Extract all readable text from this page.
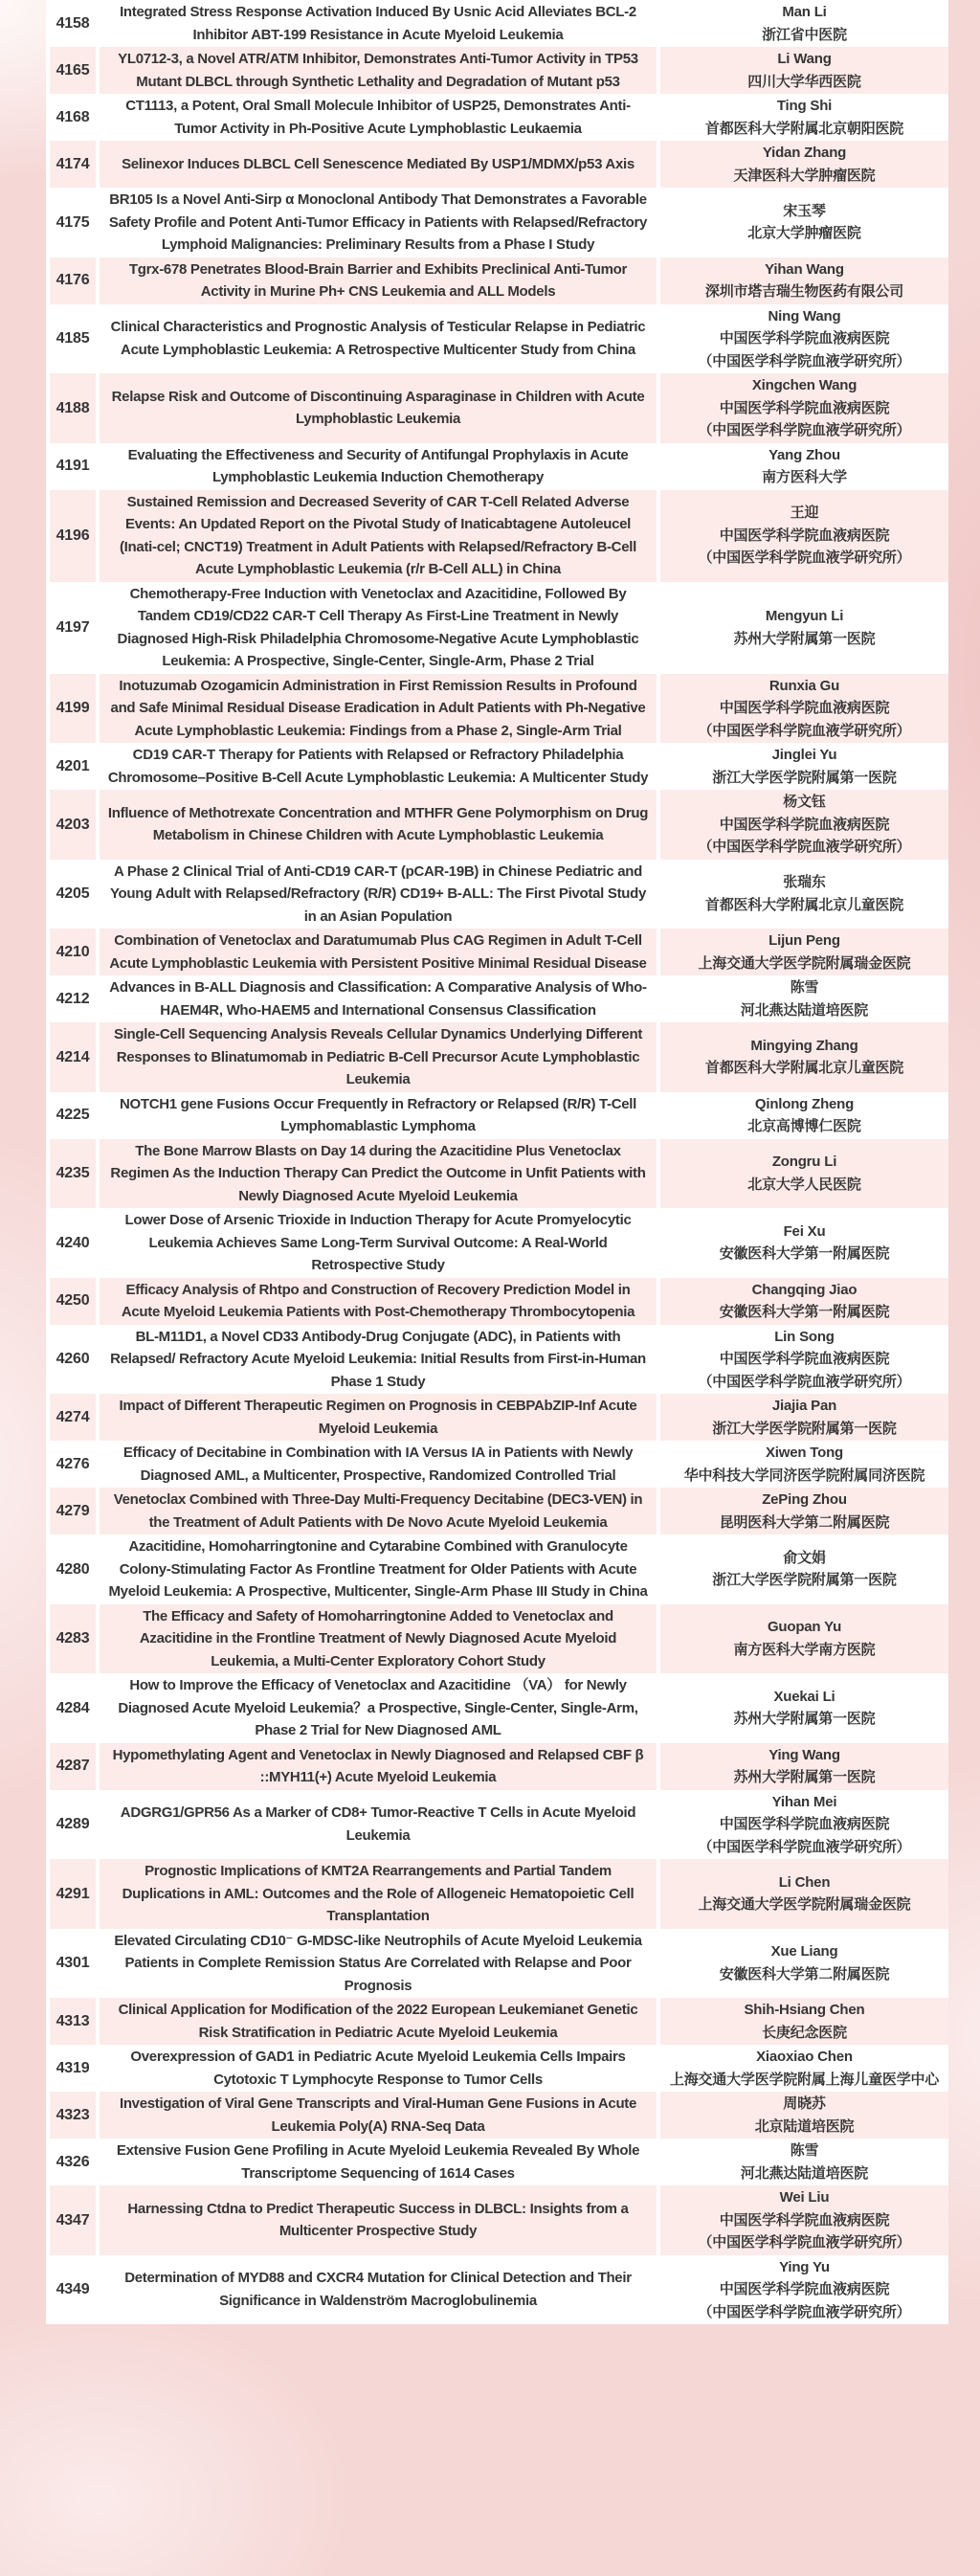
4158	Integrated Stress Response Activation Induced By Usnic Acid Alleviates BCL-2 Inhibitor ABT-199 Resistance in Acute Myeloid Leukemia	Man Li
浙江省中医院

4165	YL0712-3, a Novel ATR/ATM Inhibitor, Demonstrates Anti-Tumor Activity in TP53 Mutant DLBCL through Synthetic Lethality and Degradation of Mutant p53	Li Wang
四川大学华西医院

4168	CT1113, a Potent, Oral Small Molecule Inhibitor of USP25, Demonstrates Anti-Tumor Activity in Ph-Positive Acute Lymphoblastic Leukaemia	Ting Shi
首都医科大学附属北京朝阳医院

4174	Selinexor Induces DLBCL Cell Senescence Mediated By USP1/MDMX/p53 Axis	Yidan Zhang
天津医科大学肿瘤医院

4175	BR105 Is a Novel Anti-Sirp α Monoclonal Antibody That Demonstrates a Favorable Safety Profile and Potent Anti-Tumor Efficacy in Patients with Relapsed/Refractory Lymphoid Malignancies: Preliminary Results from a Phase I Study	宋玉琴
北京大学肿瘤医院

4176	Tgrx-678 Penetrates Blood-Brain Barrier and Exhibits Preclinical Anti-Tumor Activity in Murine Ph+ CNS Leukemia and ALL Models	Yihan Wang
深圳市塔吉瑞生物医药有限公司

4185	Clinical Characteristics and Prognostic Analysis of Testicular Relapse in Pediatric Acute Lymphoblastic Leukemia: A Retrospective Multicenter Study from China	Ning Wang
中国医学科学院血液病医院
（中国医学科学院血液学研究所）

4188	Relapse Risk and Outcome of Discontinuing Asparaginase in Children with Acute Lymphoblastic Leukemia	Xingchen Wang
中国医学科学院血液病医院
（中国医学科学院血液学研究所）

4191	Evaluating the Effectiveness and Security of Antifungal Prophylaxis in Acute Lymphoblastic Leukemia Induction Chemotherapy	Yang Zhou
南方医科大学

4196	Sustained Remission and Decreased Severity of CAR T-Cell Related Adverse Events: An Updated Report on the Pivotal Study of Inaticabtagene Autoleucel (Inati-cel; CNCT19) Treatment in Adult Patients with Relapsed/Refractory B-Cell Acute Lymphoblastic Leukemia (r/r B-Cell ALL) in China	
王迎
中国医学科学院血液病医院
（中国医学科学院血液学研究所）

4197	Chemotherapy-Free Induction with Venetoclax and Azacitidine, Followed By Tandem CD19/CD22 CAR-T Cell Therapy As First-Line Treatment in Newly Diagnosed High-Risk Philadelphia Chromosome-Negative Acute Lymphoblastic Leukemia: A Prospective, Single-Center, Single-Arm, Phase 2 Trial	Mengyun Li
苏州大学附属第一医院

4199	Inotuzumab Ozogamicin Administration in First Remission Results in Profound and Safe Minimal Residual Disease Eradication in Adult Patients with Ph-Negative Acute Lymphoblastic Leukemia: Findings from a Phase 2, Single-Arm Trial	
Runxia Gu
中国医学科学院血液病医院
（中国医学科学院血液学研究所）

4201	CD19 CAR-T Therapy for Patients with Relapsed or Refractory Philadelphia Chromosome–Positive B-Cell Acute Lymphoblastic Leukemia: A Multicenter Study	Jinglei Yu
浙江大学医学院附属第一医院

4203	Influence of Methotrexate Concentration and MTHFR Gene Polymorphism on Drug Metabolism in Chinese Children with Acute Lymphoblastic Leukemia	杨文钰
中国医学科学院血液病医院
（中国医学科学院血液学研究所）

4205	A Phase 2 Clinical Trial of Anti-CD19 CAR-T (pCAR-19B) in Chinese Pediatric and Young Adult with Relapsed/Refractory (R/R) CD19+ B-ALL: The First Pivotal Study in an Asian Population	张瑞东
首都医科大学附属北京儿童医院

4210	Combination of Venetoclax and Daratumumab Plus CAG Regimen in Adult T-Cell Acute Lymphoblastic Leukemia with Persistent Positive Minimal Residual Disease	Lijun Peng
上海交通大学医学院附属瑞金医院

4212	Advances in B-ALL Diagnosis and Classification: A Comparative Analysis of Who-HAEM4R, Who-HAEM5 and International Consensus Classification	陈雪
河北燕达陆道培医院

4214	Single-Cell Sequencing Analysis Reveals Cellular Dynamics Underlying Different Responses to Blinatumomab in Pediatric B-Cell Precursor Acute Lymphoblastic Leukemia	Mingying Zhang
首都医科大学附属北京儿童医院

4225	NOTCH1 gene Fusions Occur Frequently in Refractory or Relapsed (R/R) T-Cell Lymphomablastic Lymphoma	Qinlong Zheng
北京高博博仁医院

4235	The Bone Marrow Blasts on Day 14 during the Azacitidine Plus Venetoclax Regimen As the Induction Therapy Can Predict the Outcome in Unfit Patients with Newly Diagnosed Acute Myeloid Leukemia	Zongru Li
北京大学人民医院

4240	Lower Dose of Arsenic Trioxide in Induction Therapy for Acute Promyelocytic Leukemia Achieves Same Long-Term Survival Outcome: A Real-World Retrospective Study	Fei Xu
安徽医科大学第一附属医院

4250	Efficacy Analysis of Rhtpo and Construction of Recovery Prediction Model in Acute Myeloid Leukemia Patients with Post-Chemotherapy Thrombocytopenia	Changqing Jiao
安徽医科大学第一附属医院

4260	BL-M11D1, a Novel CD33 Antibody-Drug Conjugate (ADC), in Patients with Relapsed/ Refractory Acute Myeloid Leukemia: Initial Results from First-in-Human Phase 1 Study	Lin Song
中国医学科学院血液病医院
（中国医学科学院血液学研究所）

4274	Impact of Different Therapeutic Regimen on Prognosis in CEBPAbZIP-Inf Acute Myeloid Leukemia	Jiajia Pan
浙江大学医学院附属第一医院

4276	Efficacy of Decitabine in Combination with IA Versus IA in Patients with Newly Diagnosed AML, a Multicenter, Prospective, Randomized Controlled Trial	Xiwen Tong
华中科技大学同济医学院附属同济医院

4279	Venetoclax Combined with Three-Day Multi-Frequency Decitabine (DEC3-VEN) in the Treatment of Adult Patients with De Novo Acute Myeloid Leukemia	ZePing Zhou
昆明医科大学第二附属医院

4280	Azacitidine, Homoharringtonine and Cytarabine Combined with Granulocyte Colony-Stimulating Factor As Frontline Treatment for Older Patients with Acute Myeloid Leukemia: A Prospective, Multicenter, Single-Arm Phase III Study in China	俞文娟
浙江大学医学院附属第一医院

4283	The Efficacy and Safety of Homoharringtonine Added to Venetoclax and Azacitidine in the Frontline Treatment of Newly Diagnosed Acute Myeloid Leukemia, a Multi-Center Exploratory Cohort Study	Guopan Yu
南方医科大学南方医院

4284	How to Improve the Efficacy of Venetoclax and Azacitidine （VA） for Newly Diagnosed Acute Myeloid Leukemia？a Prospective, Single-Center, Single-Arm, Phase 2 Trial for New Diagnosed AML	Xuekai Li
苏州大学附属第一医院

4287	Hypomethylating Agent and Venetoclax in Newly Diagnosed and Relapsed CBF β ::MYH11(+) Acute Myeloid Leukemia	Ying Wang
苏州大学附属第一医院

4289	ADGRG1/GPR56 As a Marker of CD8+ Tumor-Reactive T Cells in Acute Myeloid Leukemia	Yihan Mei
中国医学科学院血液病医院
（中国医学科学院血液学研究所）

4291	Prognostic Implications of KMT2A Rearrangements and Partial Tandem Duplications in AML: Outcomes and the Role of Allogeneic Hematopoietic Cell Transplantation	Li Chen
上海交通大学医学院附属瑞金医院

4301	Elevated Circulating CD10⁻ G-MDSC-like Neutrophils of Acute Myeloid Leukemia Patients in Complete Remission Status Are Correlated with Relapse and Poor Prognosis	Xue Liang
安徽医科大学第二附属医院

4313	Clinical Application for Modification of the 2022 European Leukemianet Genetic Risk Stratification in Pediatric Acute Myeloid Leukemia	Shih-Hsiang Chen
长庚纪念医院

4319	Overexpression of GAD1 in Pediatric Acute Myeloid Leukemia Cells Impairs Cytotoxic T Lymphocyte Response to Tumor Cells	Xiaoxiao Chen
上海交通大学医学院附属上海儿童医学中心

4323	Investigation of Viral Gene Transcripts and Viral-Human Gene Fusions in Acute Leukemia Poly(A) RNA-Seq Data	周晓苏
北京陆道培医院

4326	Extensive Fusion Gene Profiling in Acute Myeloid Leukemia Revealed By Whole Transcriptome Sequencing of 1614 Cases	陈雪
河北燕达陆道培医院

4347	Harnessing Ctdna to Predict Therapeutic Success in DLBCL: Insights from a Multicenter Prospective Study	Wei Liu
中国医学科学院血液病医院
（中国医学科学院血液学研究所）

4349	Determination of MYD88 and CXCR4 Mutation for Clinical Detection and Their Significance in Waldenström Macroglobulinemia	Ying Yu
中国医学科学院血液病医院
（中国医学科学院血液学研究所）
